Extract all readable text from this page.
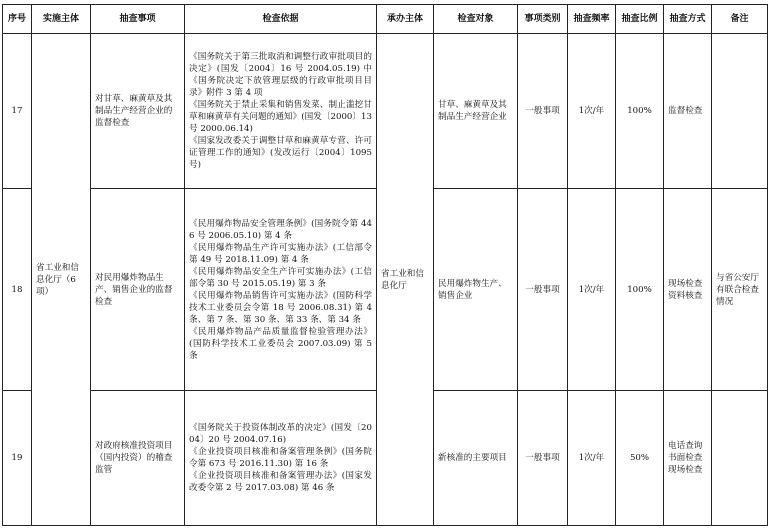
序号	实施主体	抽查事项	检查依据	承办主体	检查对象	事项类别	抽查频率	抽查比例	抽查方式	备注
17	省工业和信息化厅（6项）	对甘草、麻黄草及其制品生产经营企业的监督检查	《国务院关于第三批取消和调整行政审批项目的决定》(国发〔2004〕16 号 2004.05.19) 中《国务院决定下放管理层级的行政审批项目目录》附件 3 第 4 项
《国务院关于禁止采集和销售发菜、制止滥挖甘草和麻黄草有关问题的通知》(国发〔2000〕13 号 2000.06.14)
《国家发改委关于调整甘草和麻黄草专营、许可证管理工作的通知》(发改运行〔2004〕1095 号)	省工业和信息化厅	甘草、麻黄草及其制品生产经营企业	一般事项	1次/年	100%	监督检查	
18		对民用爆炸物品生产、销售企业的监督检查	《民用爆炸物品安全管理条例》(国务院令第 446 号 2006.05.10) 第 4 条
《民用爆炸物品生产许可实施办法》(工信部令第 49 号 2018.11.09) 第 4 条
《民用爆炸物品安全生产许可实施办法》(工信部令第 30 号 2015.05.19) 第 3 条
《民用爆炸物品销售许可实施办法》(国防科学技术工业委员会令第 18 号 2006.08.31) 第 4 条、第 7 条、第 30 条、第 33 条、第 34 条
《民用爆炸物品产品质量监督检验管理办法》(国防科学技术工业委员会 2007.03.09) 第 5 条		民用爆炸物生产、销售企业	一般事项	1次/年	100%	现场检查 资料核查	与省公安厅有联合检查情况
19		对政府核准投资项目（国内投资）的稽查监管	《国务院关于投资体制改革的决定》(国发〔2004〕20 号 2004.07.16)
《企业投资项目核准和备案管理条例》(国务院令第 673 号 2016.11.30) 第 16 条
《企业投资项目核准和备案管理办法》(国家发改委令第 2 号 2017.03.08) 第 46 条		新核准的主要项目	一般事项	1次/年	50%	电话查询 书面检查 现场检查	
